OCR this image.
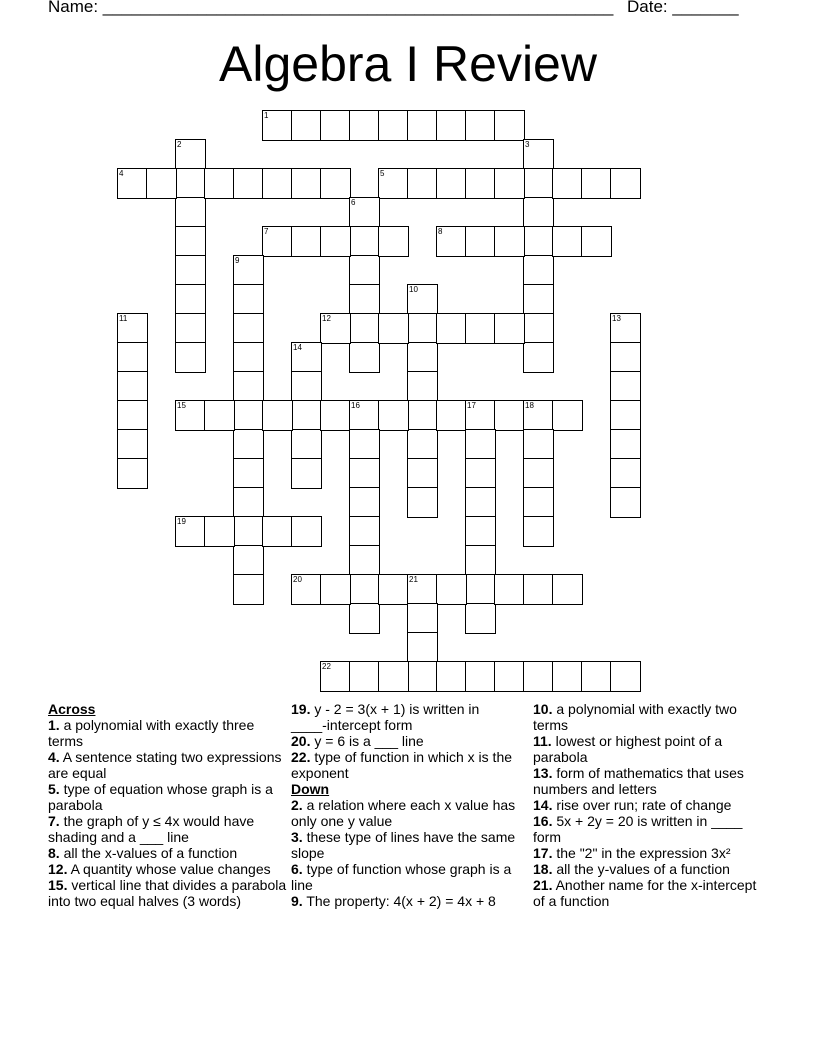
Name: ______________________________________________________ Date: _______
Algebra I Review
1
2	3
4	5
6
7	8
9
10
11	12	13
14
15	16	17	18
19
20	21
22

Across

1. a polynomial with exactly three terms

4. A sentence stating two expressions are equal

5. type of equation whose graph is a parabola

7. the graph of y ≤ 4x would have shading and a ___ line

8. all the x-values of a function

12. A quantity whose value changes

15. vertical line that divides a parabola into two equal halves (3 words)

19. y - 2 = 3(x + 1) is written in ____-intercept form

20. y = 6 is a ___ line

22. type of function in which x is the exponent

Down

2. a relation where each x value has only one y value

3. these type of lines have the same slope

6. type of function whose graph is a line

9. The property: 4(x + 2) = 4x + 8

10. a polynomial with exactly two terms

11. lowest or highest point of a parabola

13. form of mathematics that uses numbers and letters

14. rise over run; rate of change

16. 5x + 2y = 20 is written in ____ form

17. the "2" in the expression 3x²

18. all the y-values of a function

21. Another name for the x-intercept of a function
